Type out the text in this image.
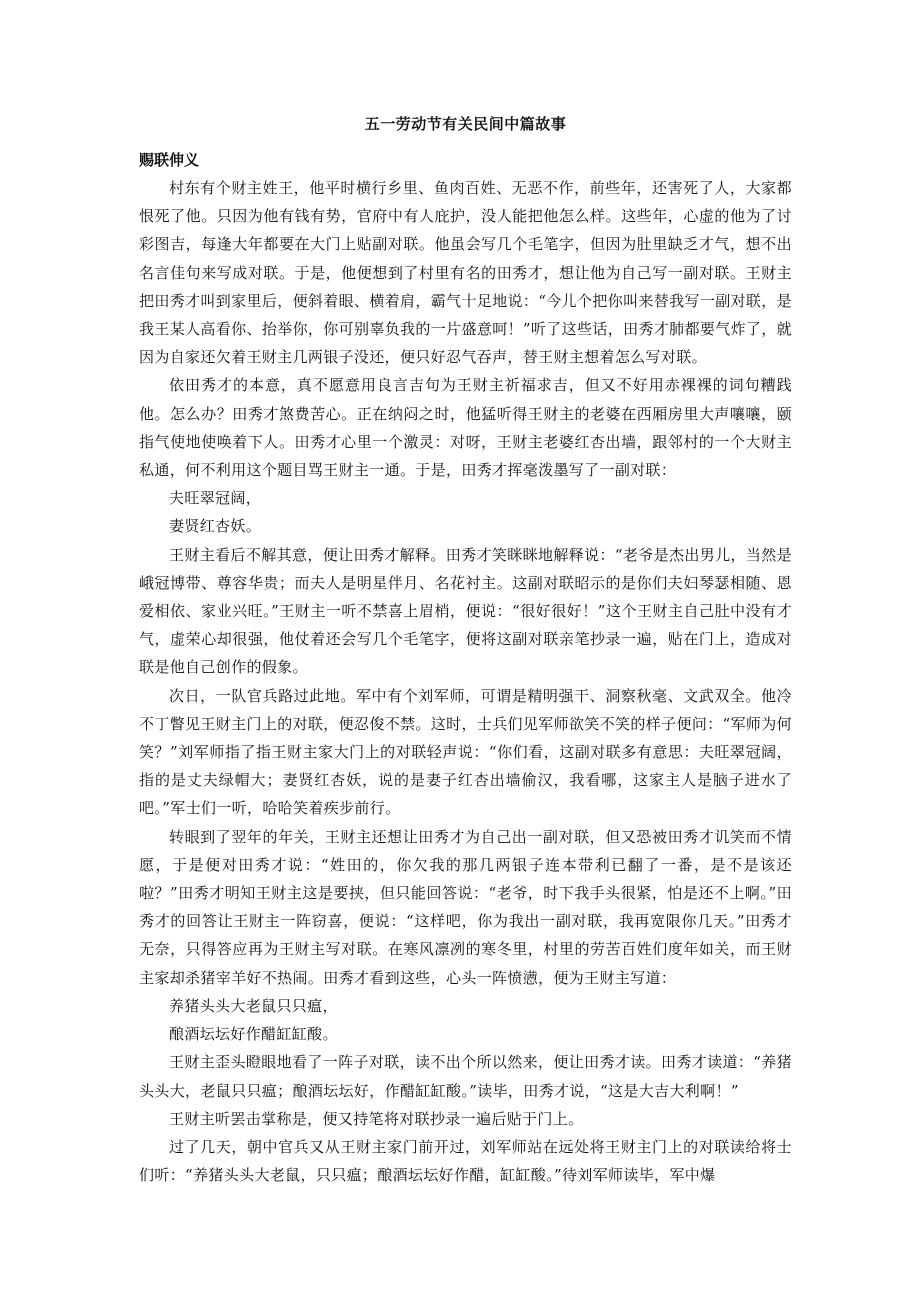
五一劳动节有关民间中篇故事
赐联伸义

村东有个财主姓王，他平时横行乡里、鱼肉百姓、无恶不作，前些年，还害死了人，大家都恨死了他。只因为他有钱有势，官府中有人庇护，没人能把他怎么样。这些年，心虚的他为了讨彩图吉，每逢大年都要在大门上贴副对联。他虽会写几个毛笔字，但因为肚里缺乏才气，想不出名言佳句来写成对联。于是，他便想到了村里有名的田秀才，想让他为自己写一副对联。王财主把田秀才叫到家里后，便斜着眼、横着肩，霸气十足地说：“今儿个把你叫来替我写一副对联，是我王某人高看你、抬举你，你可别辜负我的一片盛意呵！”听了这些话，田秀才肺都要气炸了，就因为自家还欠着王财主几两银子没还，便只好忍气吞声，替王财主想着怎么写对联。

依田秀才的本意，真不愿意用良言吉句为王财主祈福求吉，但又不好用赤裸裸的词句糟践他。怎么办？田秀才煞费苦心。正在纳闷之时，他猛听得王财主的老婆在西厢房里大声嚷嚷，颐指气使地使唤着下人。田秀才心里一个激灵：对呀，王财主老婆红杏出墙，跟邻村的一个大财主私通，何不利用这个题目骂王财主一通。于是，田秀才挥毫泼墨写了一副对联：

夫旺翠冠阔，

妻贤红杏妖。

王财主看后不解其意，便让田秀才解释。田秀才笑眯眯地解释说：“老爷是杰出男儿，当然是峨冠博带、尊容华贵；而夫人是明星伴月、名花衬主。这副对联昭示的是你们夫妇琴瑟相随、恩爱相依、家业兴旺。”王财主一听不禁喜上眉梢，便说：“很好很好！”这个王财主自己肚中没有才气，虚荣心却很强，他仗着还会写几个毛笔字，便将这副对联亲笔抄录一遍，贴在门上，造成对联是他自己创作的假象。

次日，一队官兵路过此地。军中有个刘军师，可谓是精明强干、洞察秋毫、文武双全。他冷不丁瞥见王财主门上的对联，便忍俊不禁。这时，士兵们见军师欲笑不笑的样子便问：“军师为何笑？”刘军师指了指王财主家大门上的对联轻声说：“你们看，这副对联多有意思：夫旺翠冠阔，指的是丈夫绿帽大；妻贤红杏妖，说的是妻子红杏出墙偷汉，我看哪，这家主人是脑子进水了吧。”军士们一听，哈哈笑着疾步前行。

转眼到了翌年的年关，王财主还想让田秀才为自己出一副对联，但又恐被田秀才讥笑而不情愿，于是便对田秀才说：“姓田的，你欠我的那几两银子连本带利已翻了一番，是不是该还啦？”田秀才明知王财主这是要挟，但只能回答说：“老爷，时下我手头很紧，怕是还不上啊。”田秀才的回答让王财主一阵窃喜，便说：“这样吧，你为我出一副对联，我再宽限你几天。”田秀才无奈，只得答应再为王财主写对联。在寒风凛冽的寒冬里，村里的劳苦百姓们度年如关，而王财主家却杀猪宰羊好不热闹。田秀才看到这些，心头一阵愤懑，便为王财主写道：

养猪头头大老鼠只只瘟，

酿酒坛坛好作醋缸缸酸。

王财主歪头瞪眼地看了一阵子对联，读不出个所以然来，便让田秀才读。田秀才读道：“养猪头头大，老鼠只只瘟；酿酒坛坛好，作醋缸缸酸。”读毕，田秀才说，“这是大吉大利啊！”

王财主听罢击掌称是，便又持笔将对联抄录一遍后贴于门上。

过了几天，朝中官兵又从王财主家门前开过，刘军师站在远处将王财主门上的对联读给将士们听：“养猪头头大老鼠，只只瘟；酿酒坛坛好作醋，缸缸酸。”待刘军师读毕，军中爆
